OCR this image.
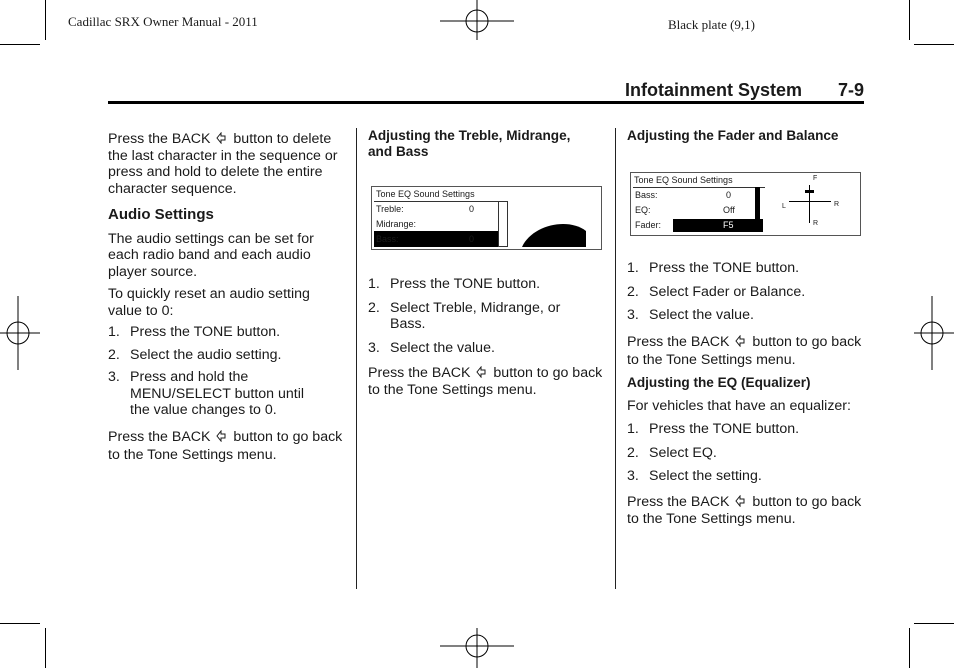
Cadillac SRX Owner Manual - 2011	Black plate (9,1)
Infotainment System 7-9

Press the BACK button to delete the last character in the sequence or press and hold to delete the entire character sequence.

Audio Settings

The audio settings can be set for each radio band and each audio player source.

To quickly reset an audio setting value to 0:

1. Press the TONE button.
2. Select the audio setting.
3. Press and hold the MENU/SELECT button until the value changes to 0.

Press the BACK button to go back to the Tone Settings menu.

Adjusting the Treble, Midrange, and Bass
Tone EQ Sound Settings
Treble:	0
Midrange:
Bass:	0
1. Press the TONE button.
2. Select Treble, Midrange, or Bass.
3. Select the value.

Press the BACK button to go back to the Tone Settings menu.

Adjusting the Fader and Balance
Tone EQ Sound Settings
Bass:	0
EQ:	Off
Fader:	F5
F
R
L	R
1. Press the TONE button.
2. Select Fader or Balance.
3. Select the value.

Press the BACK button to go back to the Tone Settings menu.

Adjusting the EQ (Equalizer)

For vehicles that have an equalizer:

1. Press the TONE button.
2. Select EQ.
3. Select the setting.

Press the BACK button to go back to the Tone Settings menu.
